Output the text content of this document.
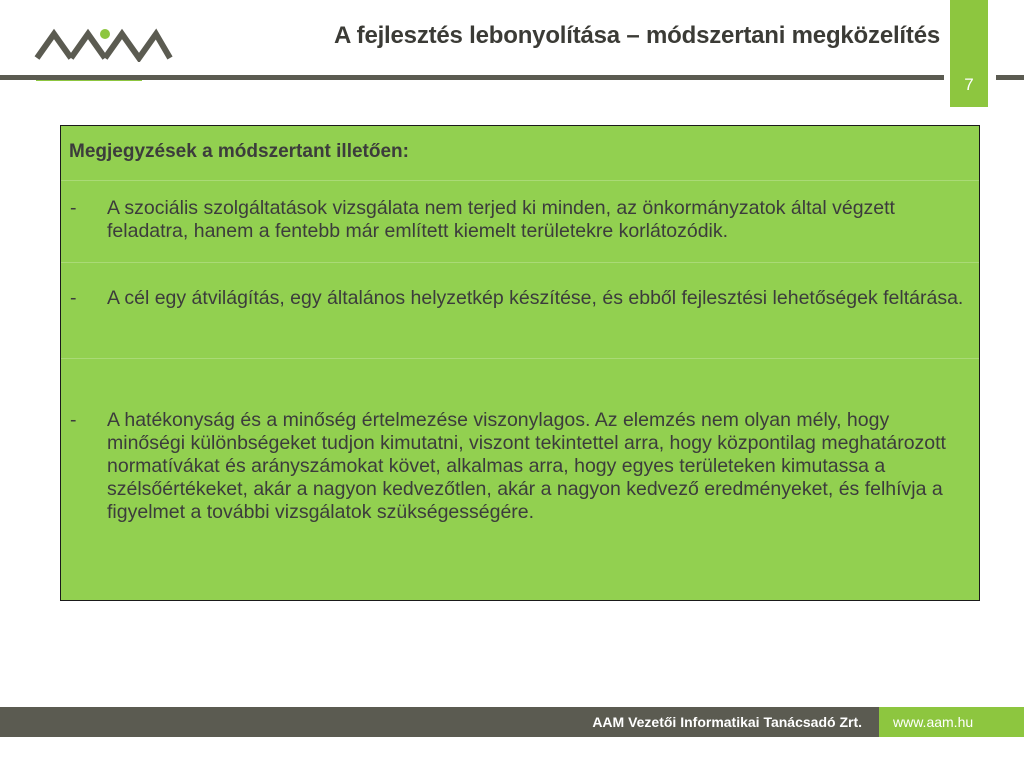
A fejlesztés lebonyolítása – módszertani megközelítés
7
Megjegyzések a módszertant illetően:
- A szociális szolgáltatások vizsgálata nem terjed ki minden, az önkormányzatok által végzett feladatra, hanem a fentebb már említett kiemelt területekre korlátozódik.
- A cél egy átvilágítás, egy általános helyzetkép készítése, és ebből fejlesztési lehetőségek feltárása.
- A hatékonyság és a minőség értelmezése viszonylagos. Az elemzés nem olyan mély, hogy minőségi különbségeket tudjon kimutatni, viszont tekintettel arra, hogy központilag meghatározott normatívákat és arányszámokat követ, alkalmas arra, hogy egyes területeken kimutassa a szélsőértékeket, akár a nagyon kedvezőtlen, akár a nagyon kedvező eredményeket, és felhívja a figyelmet a további vizsgálatok szükségességére.
AAM Vezetői Informatikai Tanácsadó Zrt.	www.aam.hu
